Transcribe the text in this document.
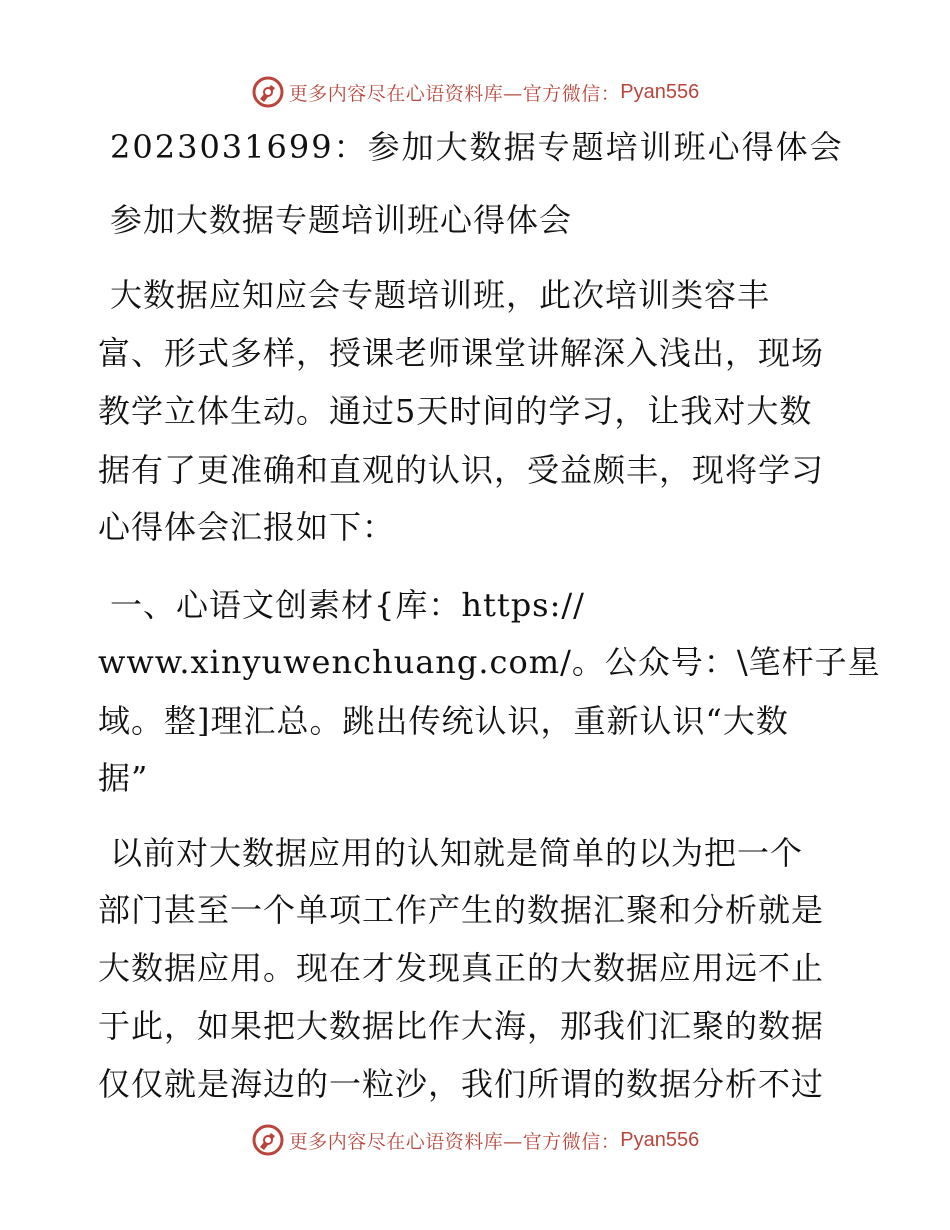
更多内容尽在心语资料库—官方微信： Pyan556
2023031699：参加大数据专题培训班心得体会
参加大数据专题培训班心得体会
大数据应知应会专题培训班，此次培训类容丰
富、形式多样，授课老师课堂讲解深入浅出，现场
教学立体生动。通过5天时间的学习，让我对大数
据有了更准确和直观的认识，受益颇丰，现将学习
心得体会汇报如下：
一、心语文创素材{库：https://
www.xinyuwenchuang.com/。公众号：\笔杆子星
域。整]理汇总。跳出传统认识，重新认识“大数
据”
以前对大数据应用的认知就是简单的以为把一个
部门甚至一个单项工作产生的数据汇聚和分析就是
大数据应用。现在才发现真正的大数据应用远不止
于此，如果把大数据比作大海，那我们汇聚的数据
仅仅就是海边的一粒沙，我们所谓的数据分析不过
更多内容尽在心语资料库—官方微信： Pyan556
